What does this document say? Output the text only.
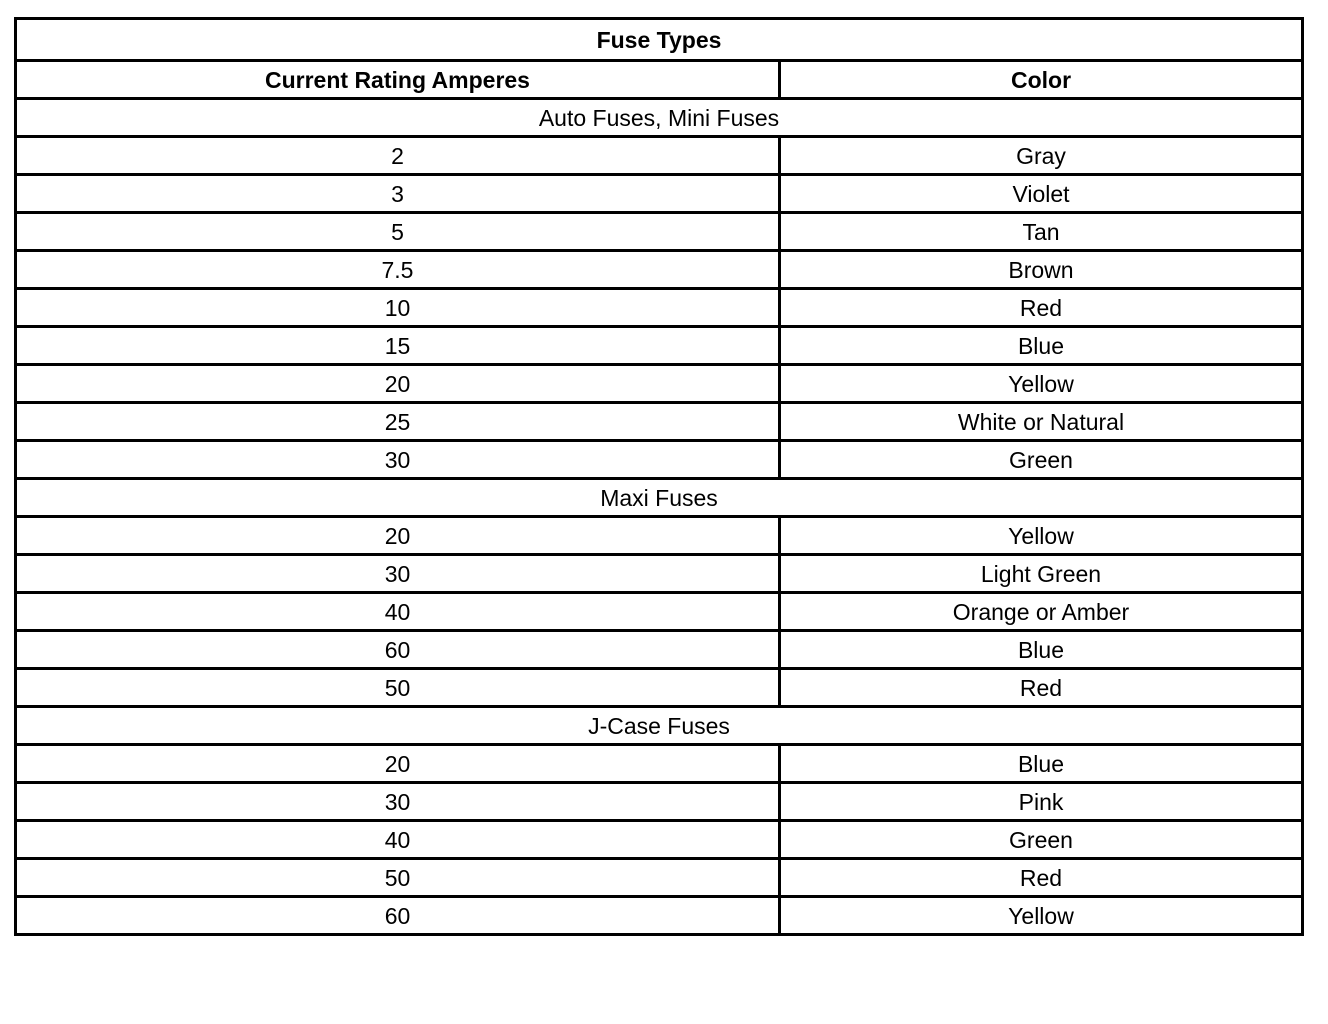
Fuse Types	
Current Rating Amperes	Color
Auto Fuses, Mini Fuses	
2	Gray
3	Violet
5	Tan
7.5	Brown
10	Red
15	Blue
20	Yellow
25	White or Natural
30	Green
Maxi Fuses	
20	Yellow
30	Light Green
40	Orange or Amber
60	Blue
50	Red
J-Case Fuses	
20	Blue
30	Pink
40	Green
50	Red
60	Yellow
